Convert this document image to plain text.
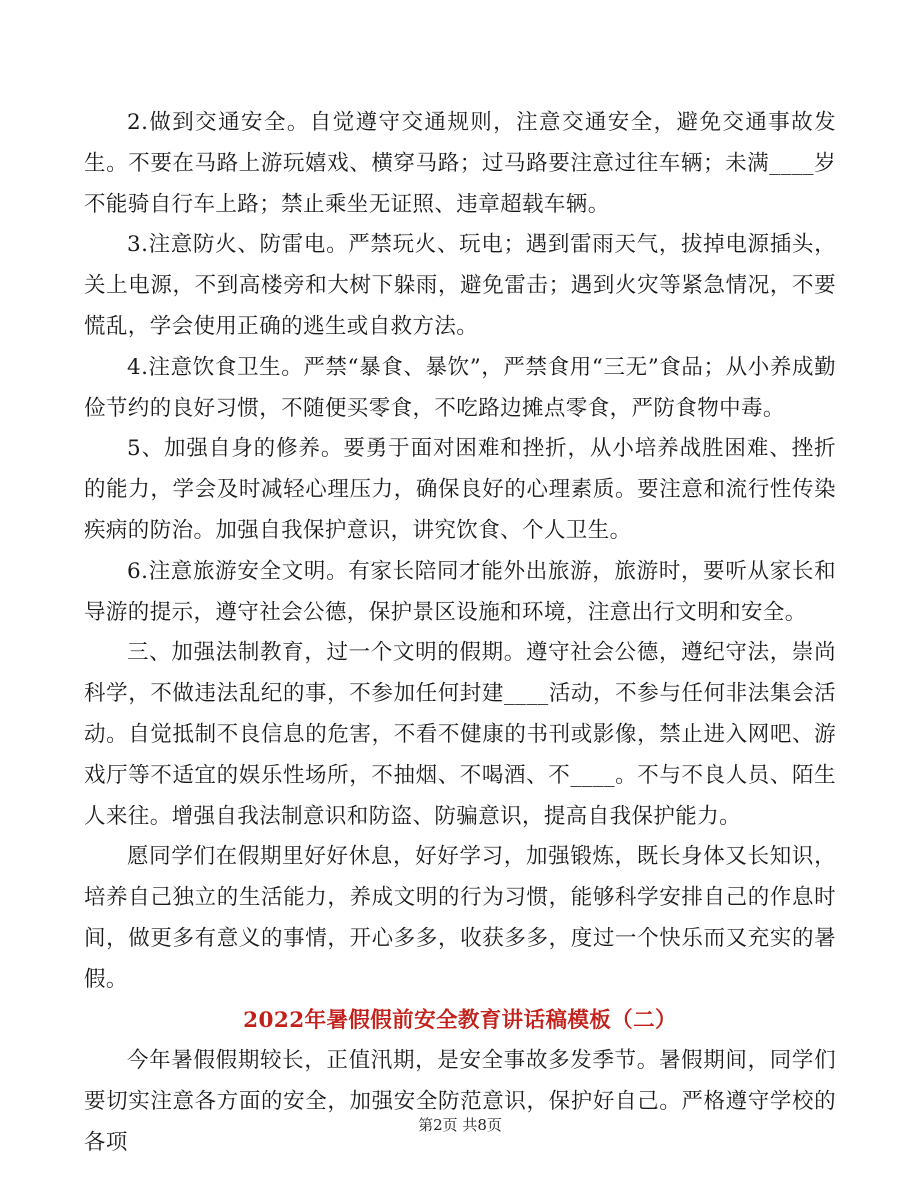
2.做到交通安全。自觉遵守交通规则，注意交通安全，避免交通事故发生。不要在马路上游玩嬉戏、横穿马路；过马路要注意过往车辆；未满____岁不能骑自行车上路；禁止乘坐无证照、违章超载车辆。

3.注意防火、防雷电。严禁玩火、玩电；遇到雷雨天气，拔掉电源插头，关上电源，不到高楼旁和大树下躲雨，避免雷击；遇到火灾等紧急情况，不要慌乱，学会使用正确的逃生或自救方法。

4.注意饮食卫生。严禁“暴食、暴饮”，严禁食用“三无”食品；从小养成勤俭节约的良好习惯，不随便买零食，不吃路边摊点零食，严防食物中毒。

5、加强自身的修养。要勇于面对困难和挫折，从小培养战胜困难、挫折的能力，学会及时减轻心理压力，确保良好的心理素质。要注意和流行性传染疾病的防治。加强自我保护意识，讲究饮食、个人卫生。

6.注意旅游安全文明。有家长陪同才能外出旅游，旅游时，要听从家长和导游的提示，遵守社会公德，保护景区设施和环境，注意出行文明和安全。

三、加强法制教育，过一个文明的假期。遵守社会公德，遵纪守法，崇尚科学，不做违法乱纪的事，不参加任何封建____活动，不参与任何非法集会活动。自觉抵制不良信息的危害，不看不健康的书刊或影像，禁止进入网吧、游戏厅等不适宜的娱乐性场所，不抽烟、不喝酒、不____。不与不良人员、陌生人来往。增强自我法制意识和防盗、防骗意识，提高自我保护能力。

愿同学们在假期里好好休息，好好学习，加强锻炼，既长身体又长知识，培养自己独立的生活能力，养成文明的行为习惯，能够科学安排自己的作息时间，做更多有意义的事情，开心多多，收获多多，度过一个快乐而又充实的暑假。

2022年暑假假前安全教育讲话稿模板（二）

今年暑假假期较长，正值汛期，是安全事故多发季节。暑假期间，同学们要切实注意各方面的安全，加强安全防范意识，保护好自己。严格遵守学校的各项

第2页 共8页
